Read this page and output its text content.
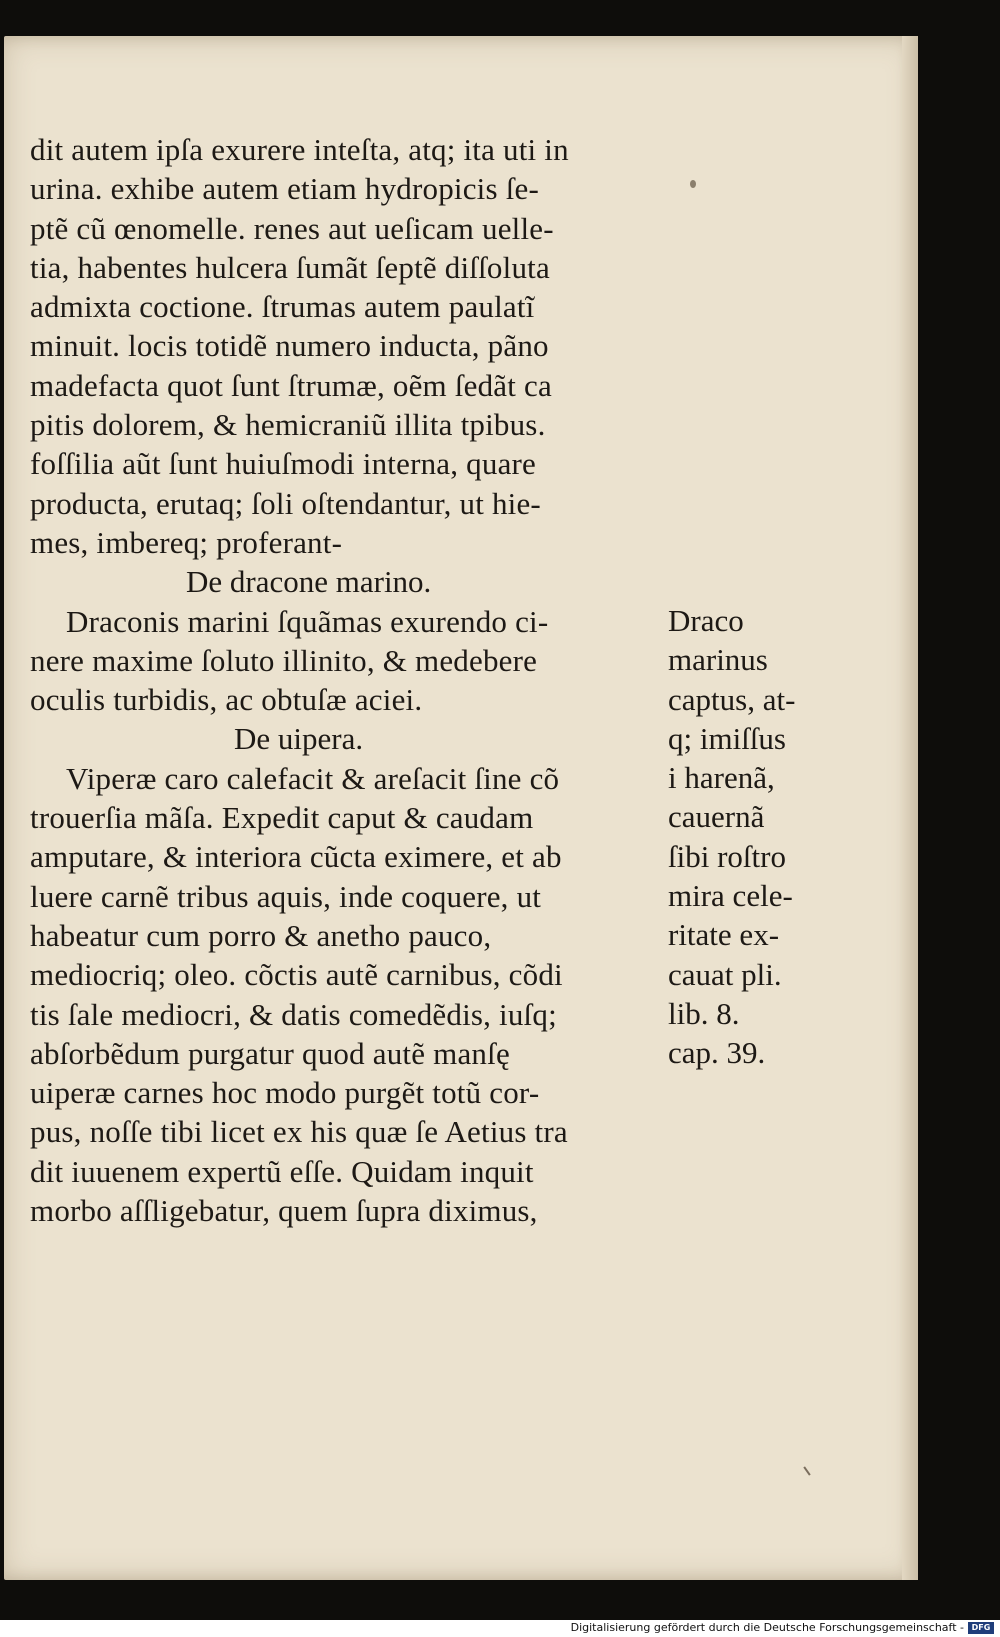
dit autem ipſa exurere inteſta, atq; ita uti in
urina. exhibe autem etiam hydropicis ſe-
ptẽ cũ œnomelle. renes aut ueſicam uelle-
tia, habentes hulcera ſumãt ſeptẽ diſſoluta
admixta coctione. ſtrumas autem paulatĩ
minuit. locis totidẽ numero inducta, pãno
madefacta quot ſunt ſtrumæ, oẽm ſedãt ca
pitis dolorem, & hemicraniũ illita tpibus.
foſſilia aũt ſunt huiuſmodi interna, quare
producta, erutaq; ſoli oſtendantur, ut hie-
mes, imbereq; proferant-
De dracone marino.
Draconis marini ſquãmas exurendo ci-
nere maxime ſoluto illinito, & medebere
oculis turbidis, ac obtuſæ aciei.
De uipera.
Viperæ caro calefacit & areſacit ſine cõ
trouerſia mãſa. Expedit caput & caudam
amputare, & interiora cũcta eximere, et ab
luere carnẽ tribus aquis, inde coquere, ut
habeatur cum porro & anetho pauco,
mediocriq; oleo. cõctis autẽ carnibus, cõdi
tis ſale mediocri, & datis comedẽdis, iuſq;
abſorbẽdum purgatur quod autẽ manſę
uiperæ carnes hoc modo purgẽt totũ cor-
pus, noſſe tibi licet ex his quæ ſe Aetius tra
dit iuuenem expertũ eſſe. Quidam inquit
morbo aſſligebatur, quem ſupra diximus,
Draco
marinus
captus, at-
q; imiſſus
i harenã,
cauernã
ſibi roſtro
mira cele-
ritate ex-
cauat pli.
lib. 8.
cap. 39.
Digitalisierung gefördert durch die Deutsche Forschungsgemeinschaft - DFG
